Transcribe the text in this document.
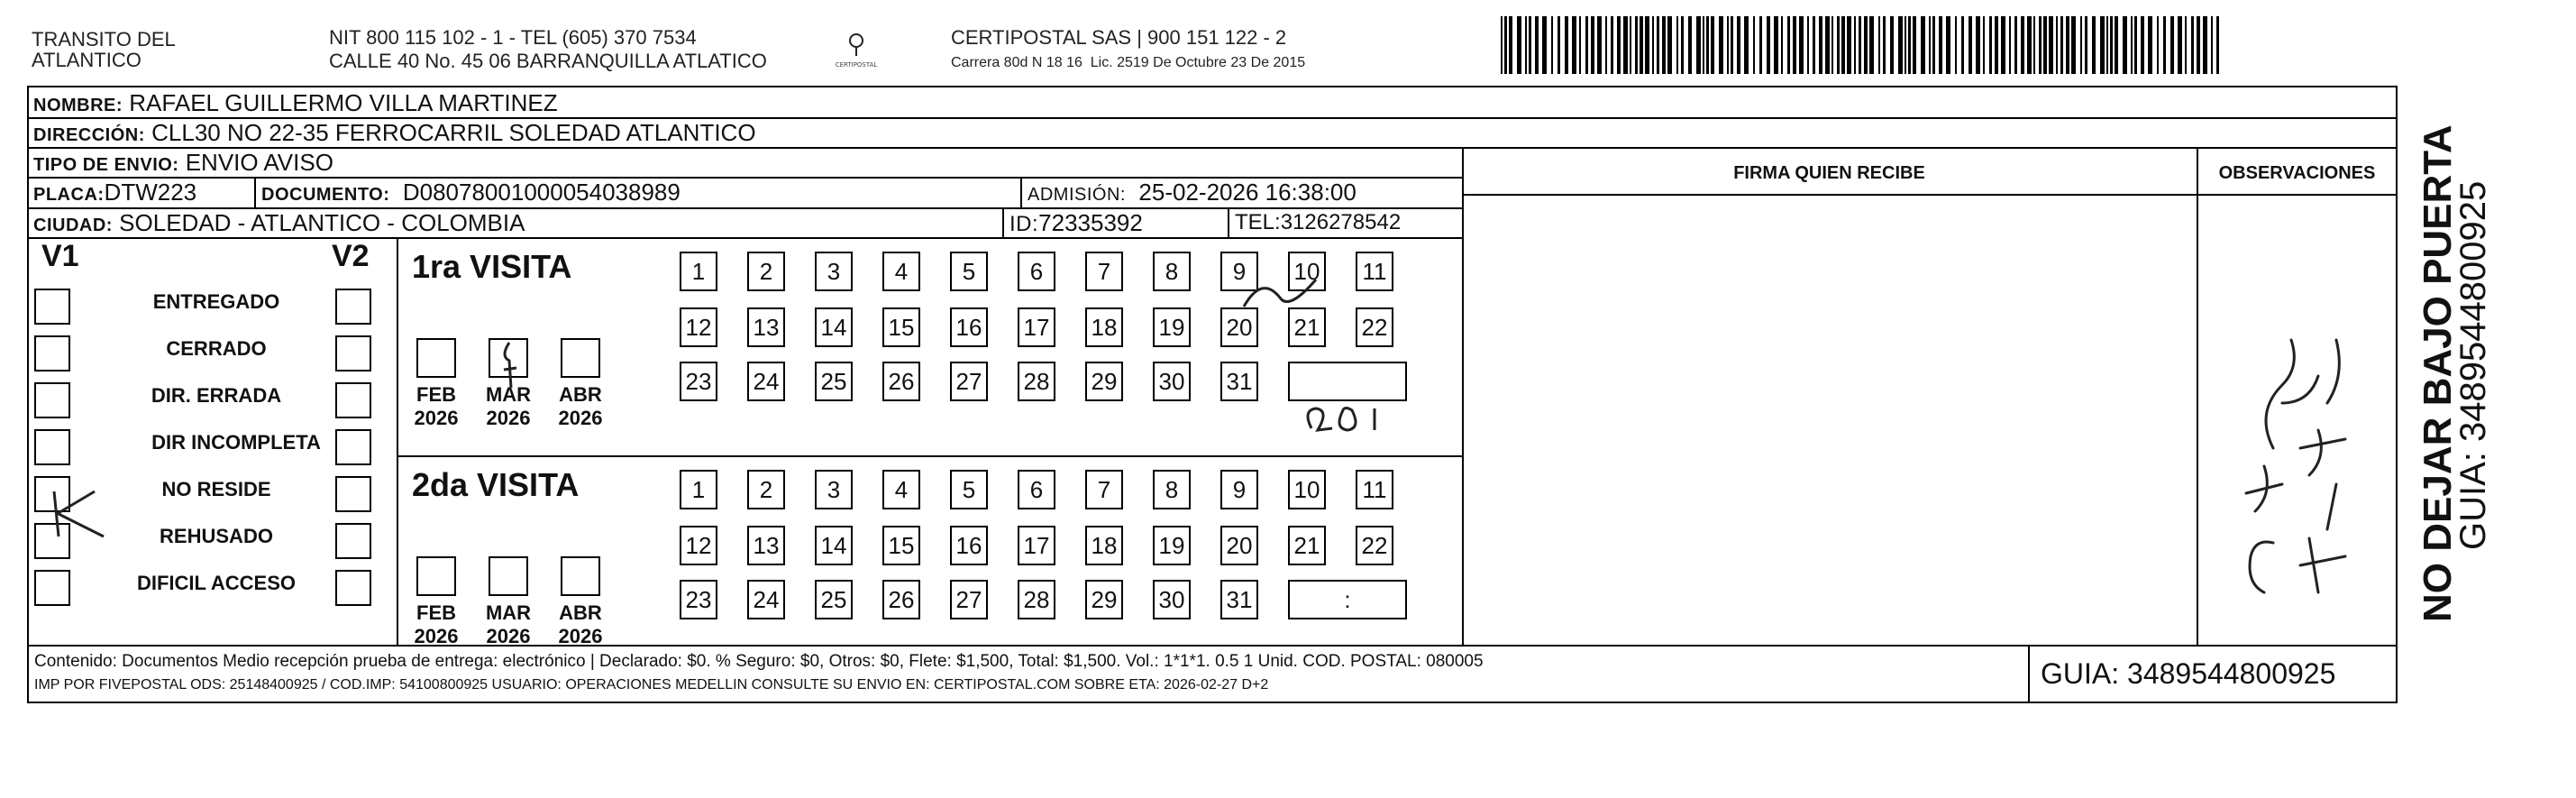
TRANSITO DEL
ATLANTICO
NIT 800 115 102 - 1 - TEL (605) 370 7534
CALLE 40 No. 45 06 BARRANQUILLA ATLATICO	CERTIPOSTAL
CERTIPOSTAL SAS | 900 151 122 - 2
Carrera 80d N 18 16  Lic. 2519 De Octubre 23 De 2015
NOMBRE: RAFAEL GUILLERMO VILLA MARTINEZ
DIRECCIÓN: CLL30 NO 22-35 FERROCARRIL SOLEDAD ATLANTICO
TIPO DE ENVIO: ENVIO AVISO
PLACA:DTW223	DOCUMENTO: D08078001000054038989	ADMISIÓN: 25-02-2026 16:38:00
CIUDAD: SOLEDAD - ATLANTICO - COLOMBIA	ID:72335392	TEL:3126278542
FIRMA QUIEN RECIBE	OBSERVACIONES
V1	V2
ENTREGADO
CERRADO
DIR. ERRADA
DIR INCOMPLETA
NO RESIDE
REHUSADO
DIFICIL ACCESO
1ra VISITA
2da VISITA
FEB
2026
MAR
2026
ABR
2026
1	2	3	4	5	6	7	8	9	10 11
12 13 14 15 16 17 18 19 20 21 22
23 24 25 26 27 28 29 30 31
FEB
2026
MAR
2026
ABR
2026
1	2	3	4	5	6	7	8	9	10 11
12 13 14 15 16 17 18 19 20 21 22
23 24 25 26 27 28 29 30 31	:
Contenido: Documentos Medio recepción prueba de entrega: electrónico | Declarado: $0. % Seguro: $0, Otros: $0, Flete: $1,500, Total: $1,500. Vol.: 1*1*1. 0.5 1 Unid. COD. POSTAL: 080005
IMP POR FIVEPOSTAL ODS: 25148400925 / COD.IMP: 54100800925 USUARIO: OPERACIONES MEDELLIN CONSULTE SU ENVIO EN: CERTIPOSTAL.COM SOBRE ETA: 2026-02-27 D+2	GUIA: 3489544800925
NO DEJAR BAJO PUERTA
GUIA: 3489544800925
